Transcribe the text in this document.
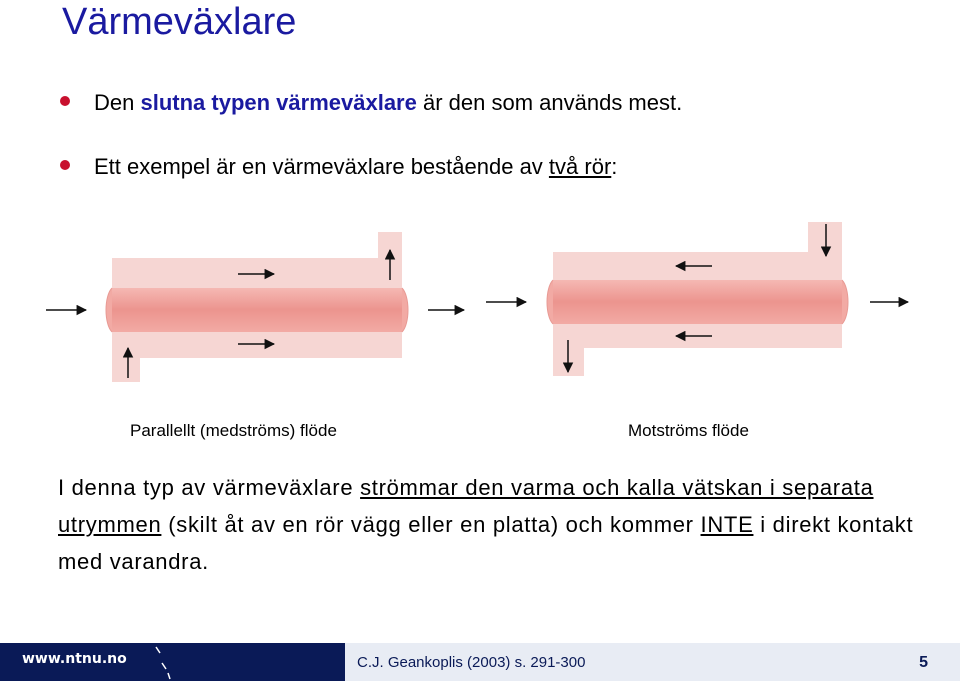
Värmeväxlare
Den slutna typen värmeväxlare är den som används mest.
Ett exempel är en värmeväxlare bestående av två rör:
Parallellt (medströms) flöde	Motströms flöde

I denna typ av värmeväxlare strömmar den varma och kalla vätskan i separata utrymmen (skilt åt av en rör vägg eller en platta) och kommer INTE i direkt kontakt med varandra.

www.ntnu.no	C.J. Geankoplis (2003) s. 291-300	5
